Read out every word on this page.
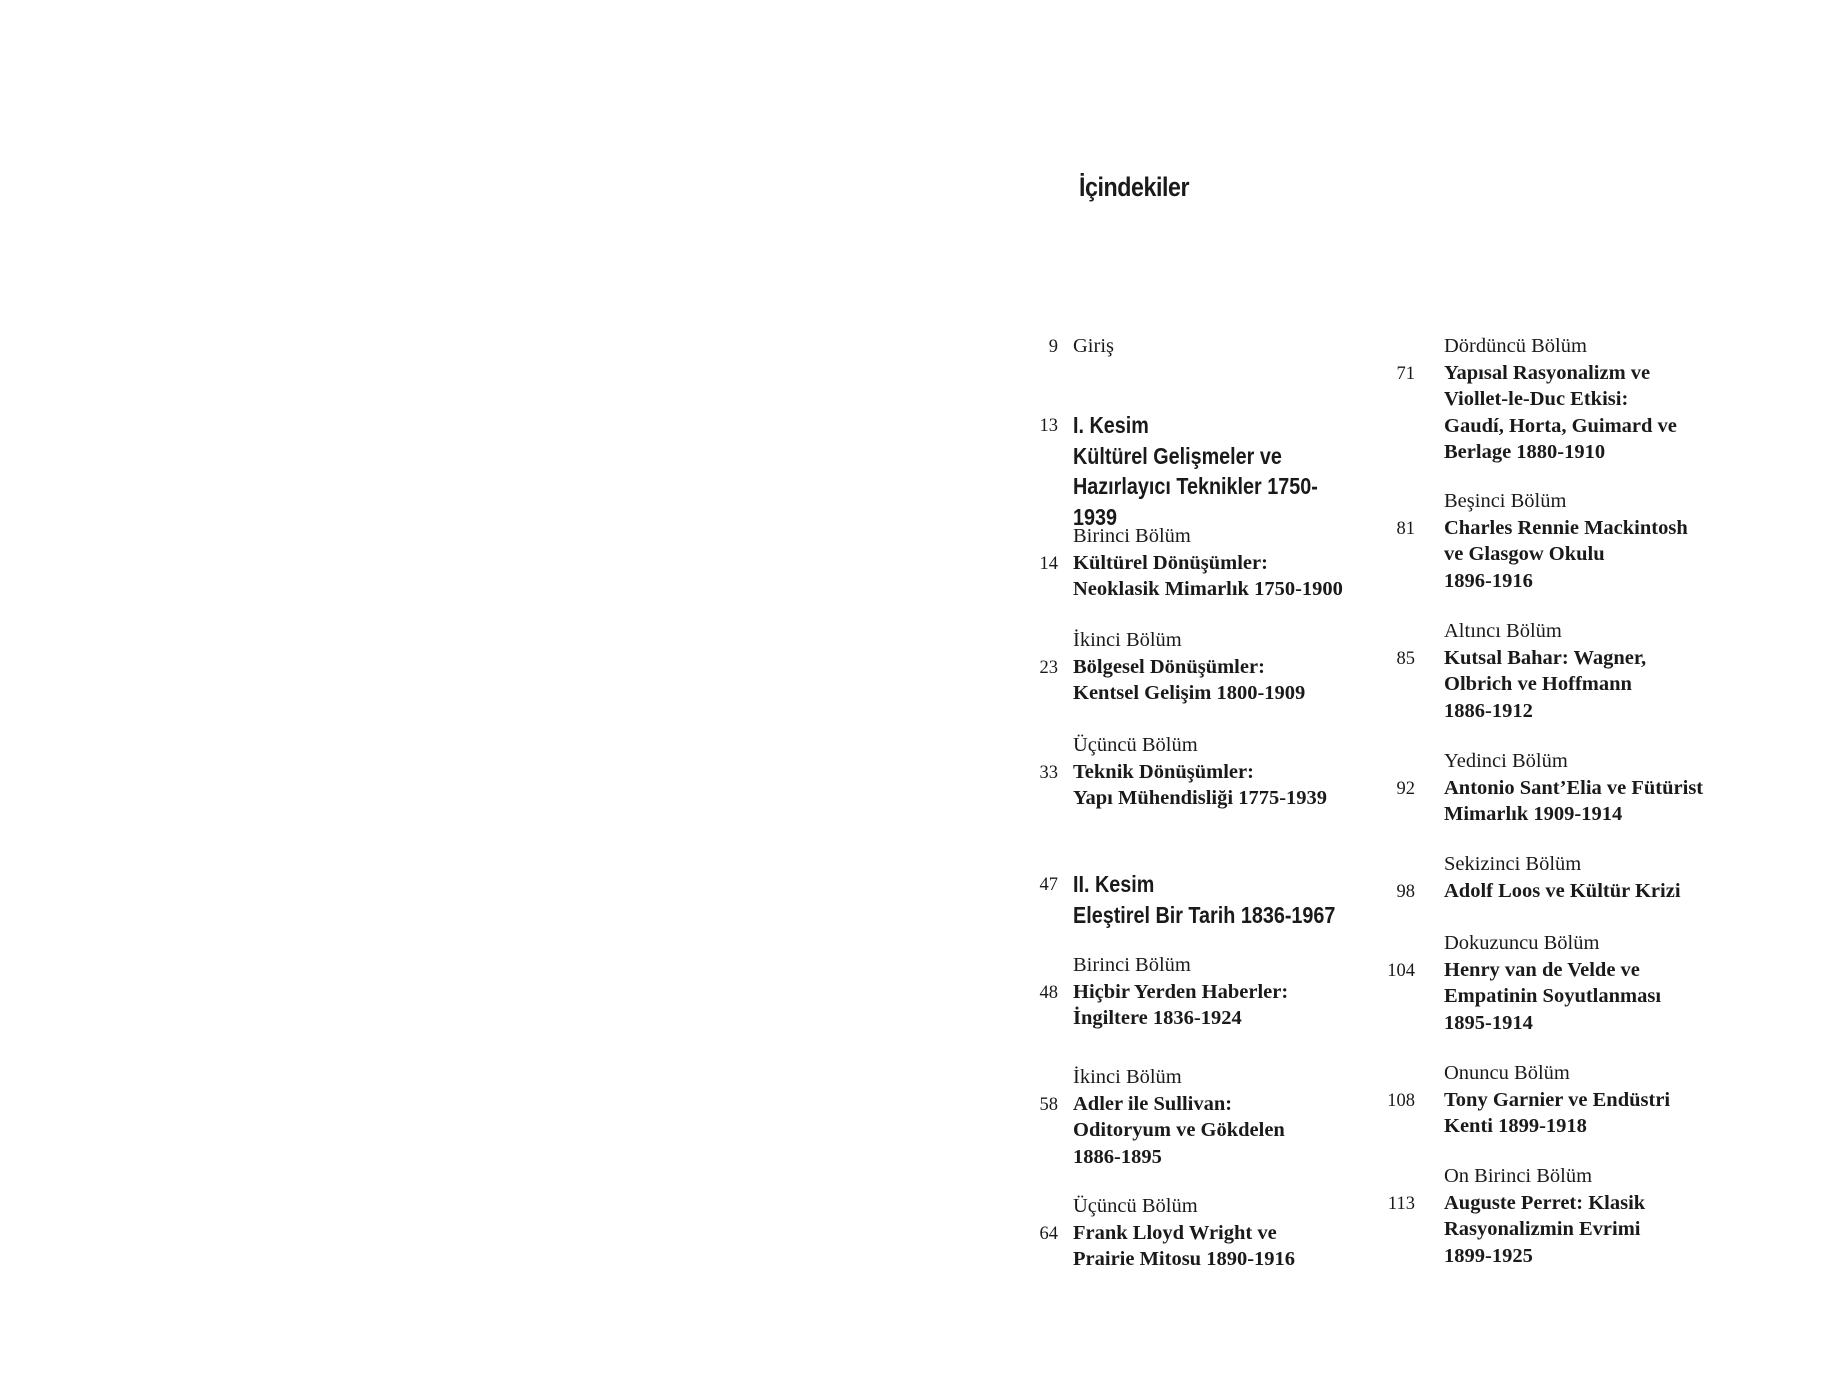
İçindekiler
9 Giriş
13 I. Kesim
Kültürel Gelişmeler ve
Hazırlayıcı Teknikler 1750-1939
14
Birinci Bölüm
Kültürel Dönüşümler:
Neoklasik Mimarlık 1750-1900
23
İkinci Bölüm
Bölgesel Dönüşümler:
Kentsel Gelişim 1800-1909
33
Üçüncü Bölüm
Teknik Dönüşümler:
Yapı Mühendisliği 1775-1939
47 II. Kesim
Eleştirel Bir Tarih 1836-1967
48
Birinci Bölüm
Hiçbir Yerden Haberler:
İngiltere 1836-1924
58
İkinci Bölüm
Adler ile Sullivan:
Oditoryum ve Gökdelen
1886-1895
64
Üçüncü Bölüm
Frank Lloyd Wright ve
Prairie Mitosu 1890-1916
71
Dördüncü Bölüm
Yapısal Rasyonalizm ve
Viollet-le-Duc Etkisi:
Gaudí, Horta, Guimard ve
Berlage 1880-1910
81
Beşinci Bölüm
Charles Rennie Mackintosh
ve Glasgow Okulu
1896-1916
85
Altıncı Bölüm
Kutsal Bahar: Wagner,
Olbrich ve Hoffmann
1886-1912
92
Yedinci Bölüm
Antonio Sant’Elia ve Fütürist
Mimarlık 1909-1914
98
Sekizinci Bölüm
Adolf Loos ve Kültür Krizi
104
Dokuzuncu Bölüm
Henry van de Velde ve
Empatinin Soyutlanması
1895-1914
108
Onuncu Bölüm
Tony Garnier ve Endüstri
Kenti 1899-1918
113
On Birinci Bölüm
Auguste Perret: Klasik
Rasyonalizmin Evrimi
1899-1925
